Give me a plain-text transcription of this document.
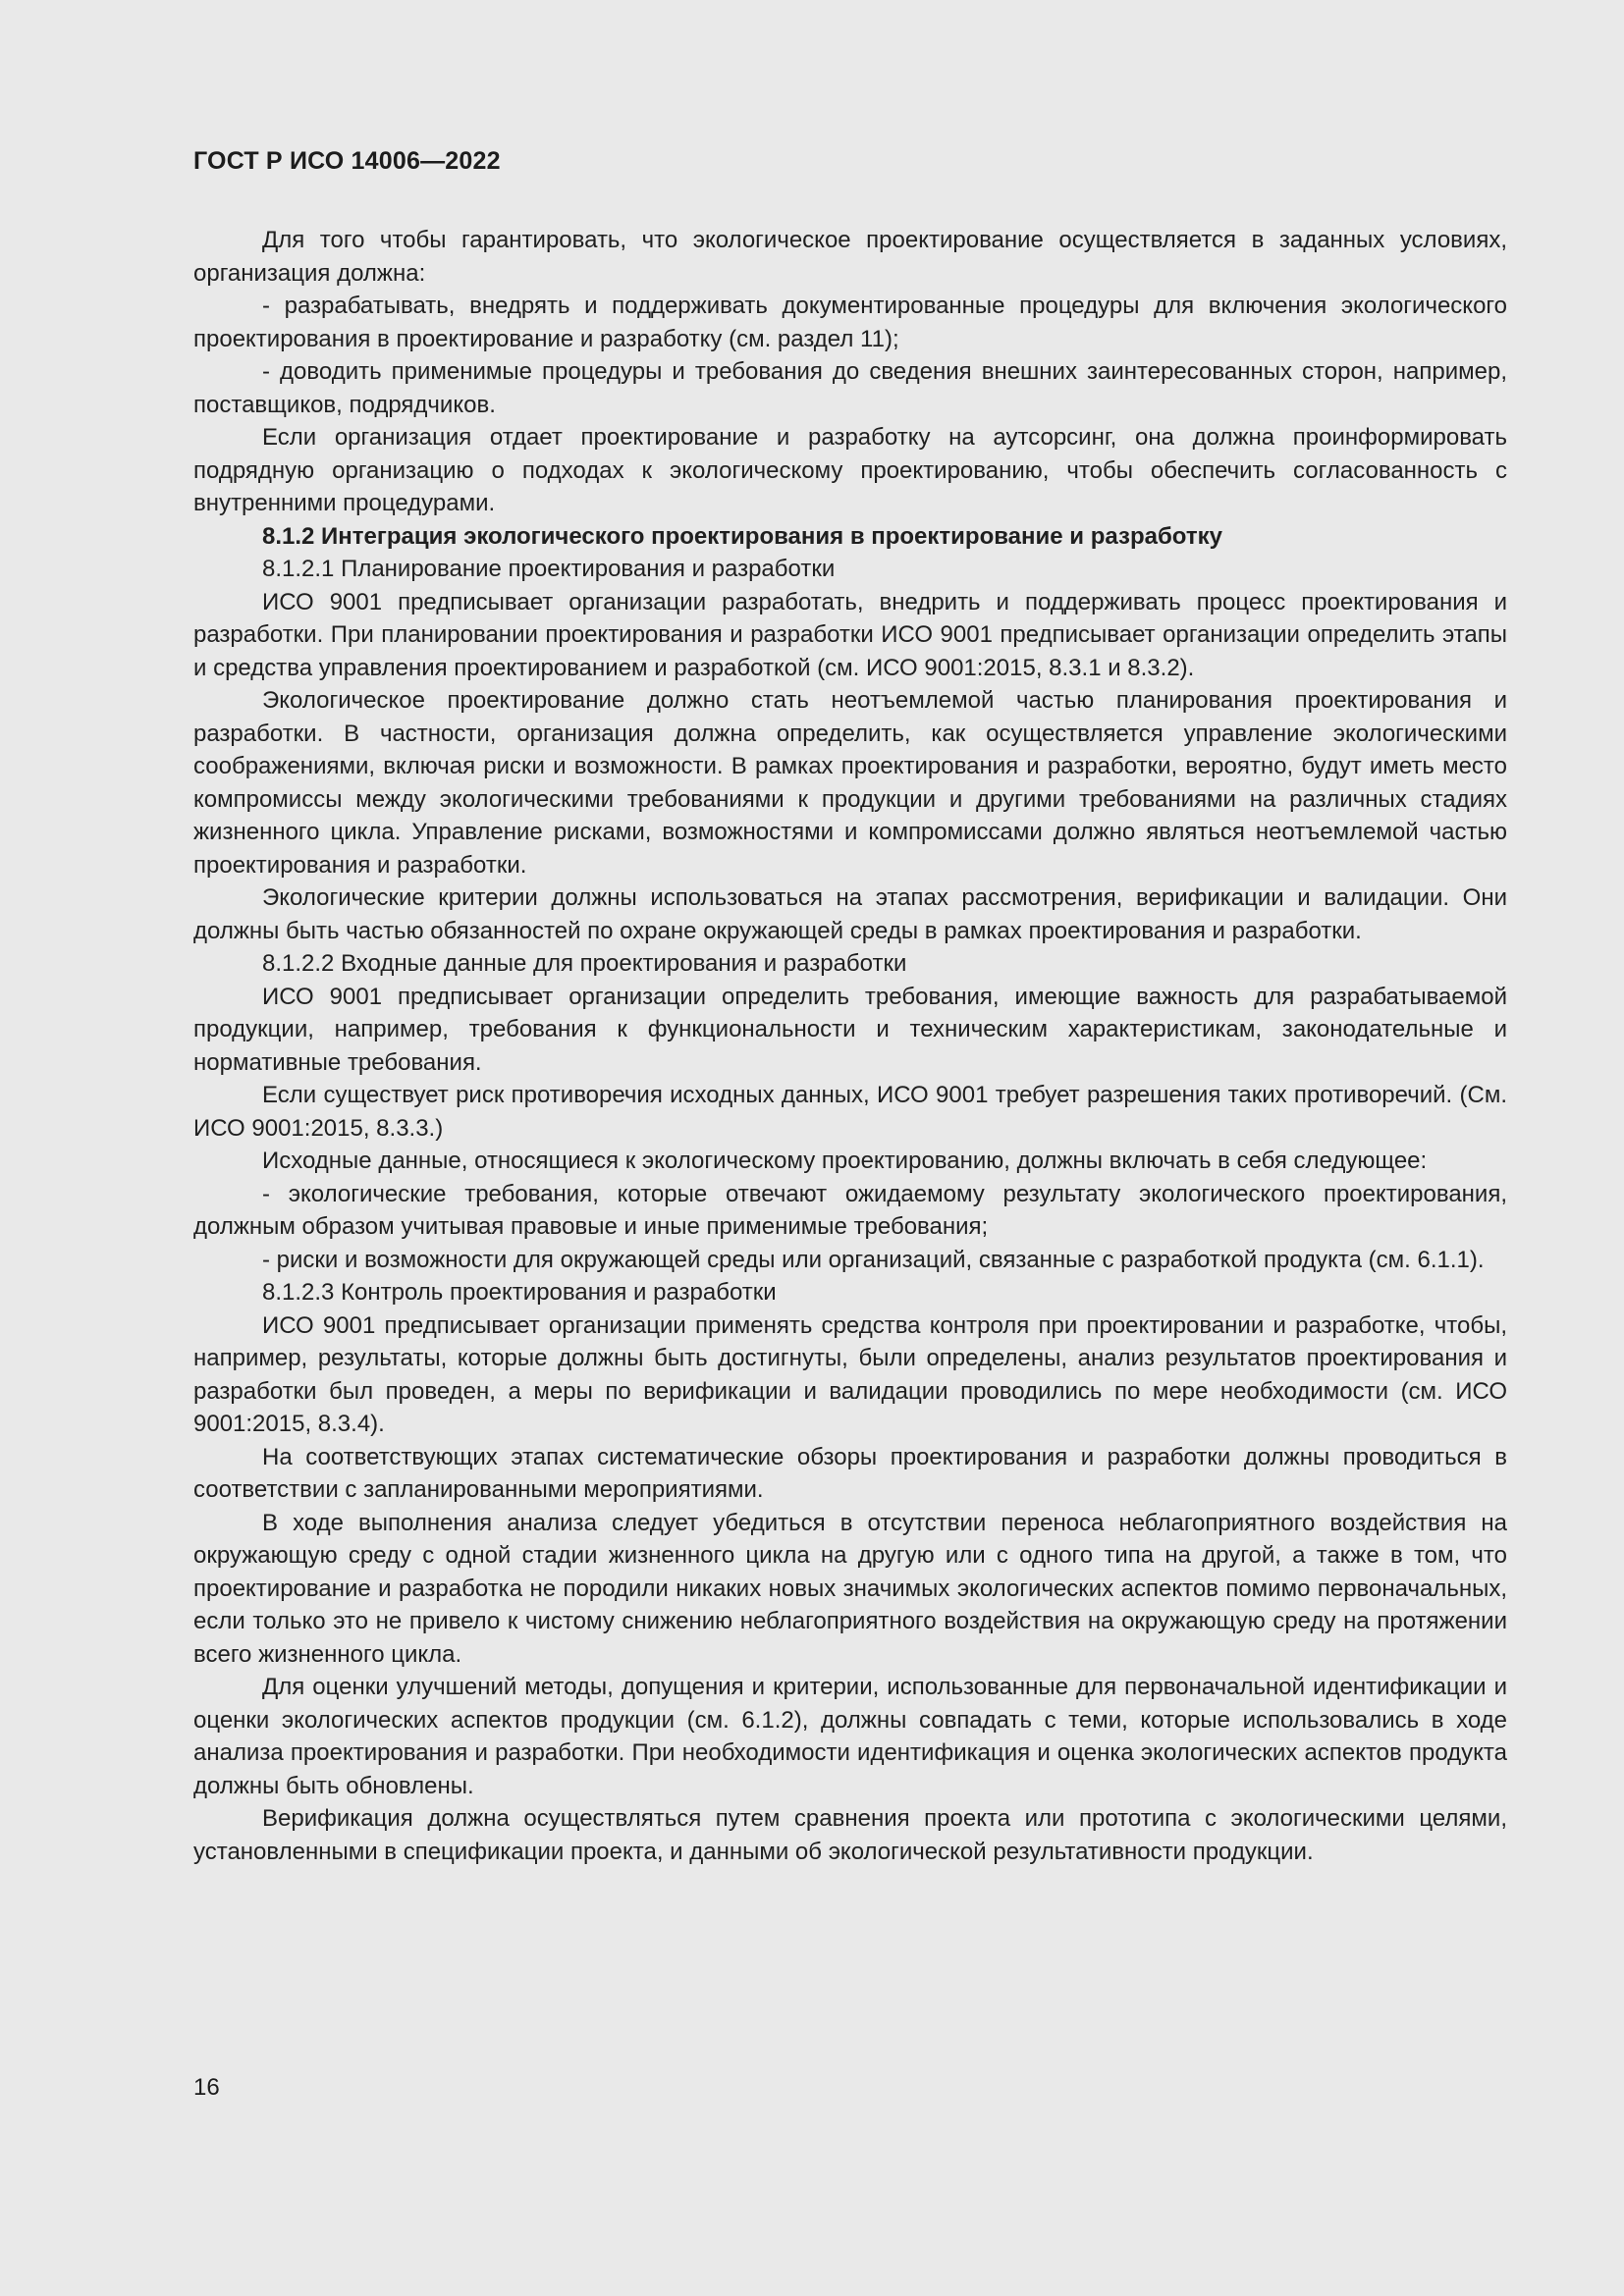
ГОСТ Р ИСО 14006—2022

Для того чтобы гарантировать, что экологическое проектирование осуществляется в заданных условиях, организация должна:

- разрабатывать, внедрять и поддерживать документированные процедуры для включения экологического проектирования в проектирование и разработку (см. раздел 11);

- доводить применимые процедуры и требования до сведения внешних заинтересованных сторон, например, поставщиков, подрядчиков.

Если организация отдает проектирование и разработку на аутсорсинг, она должна проинформировать подрядную организацию о подходах к экологическому проектированию, чтобы обеспечить согласованность с внутренними процедурами.

8.1.2 Интеграция экологического проектирования в проектирование и разработку

8.1.2.1 Планирование проектирования и разработки

ИСО 9001 предписывает организации разработать, внедрить и поддерживать процесс проектирования и разработки. При планировании проектирования и разработки ИСО 9001 предписывает организации определить этапы и средства управления проектированием и разработкой (см. ИСО 9001:2015, 8.3.1 и 8.3.2).

Экологическое проектирование должно стать неотъемлемой частью планирования проектирования и разработки. В частности, организация должна определить, как осуществляется управление экологическими соображениями, включая риски и возможности. В рамках проектирования и разработки, вероятно, будут иметь место компромиссы между экологическими требованиями к продукции и другими требованиями на различных стадиях жизненного цикла. Управление рисками, возможностями и компромиссами должно являться неотъемлемой частью проектирования и разработки.

Экологические критерии должны использоваться на этапах рассмотрения, верификации и валидации. Они должны быть частью обязанностей по охране окружающей среды в рамках проектирования и разработки.

8.1.2.2 Входные данные для проектирования и разработки

ИСО 9001 предписывает организации определить требования, имеющие важность для разрабатываемой продукции, например, требования к функциональности и техническим характеристикам, законодательные и нормативные требования.

Если существует риск противоречия исходных данных, ИСО 9001 требует разрешения таких противоречий. (См. ИСО 9001:2015, 8.3.3.)

Исходные данные, относящиеся к экологическому проектированию, должны включать в себя следующее:

- экологические требования, которые отвечают ожидаемому результату экологического проектирования, должным образом учитывая правовые и иные применимые требования;

- риски и возможности для окружающей среды или организаций, связанные с разработкой продукта (см. 6.1.1).

8.1.2.3 Контроль проектирования и разработки

ИСО 9001 предписывает организации применять средства контроля при проектировании и разработке, чтобы, например, результаты, которые должны быть достигнуты, были определены, анализ результатов проектирования и разработки был проведен, а меры по верификации и валидации проводились по мере необходимости (см. ИСО 9001:2015, 8.3.4).

На соответствующих этапах систематические обзоры проектирования и разработки должны проводиться в соответствии с запланированными мероприятиями.

В ходе выполнения анализа следует убедиться в отсутствии переноса неблагоприятного воздействия на окружающую среду с одной стадии жизненного цикла на другую или с одного типа на другой, а также в том, что проектирование и разработка не породили никаких новых значимых экологических аспектов помимо первоначальных, если только это не привело к чистому снижению неблагоприятного воздействия на окружающую среду на протяжении всего жизненного цикла.

Для оценки улучшений методы, допущения и критерии, использованные для первоначальной идентификации и оценки экологических аспектов продукции (см. 6.1.2), должны совпадать с теми, которые использовались в ходе анализа проектирования и разработки. При необходимости идентификация и оценка экологических аспектов продукта должны быть обновлены.

Верификация должна осуществляться путем сравнения проекта или прототипа с экологическими целями, установленными в спецификации проекта, и данными об экологической результативности продукции.

16
